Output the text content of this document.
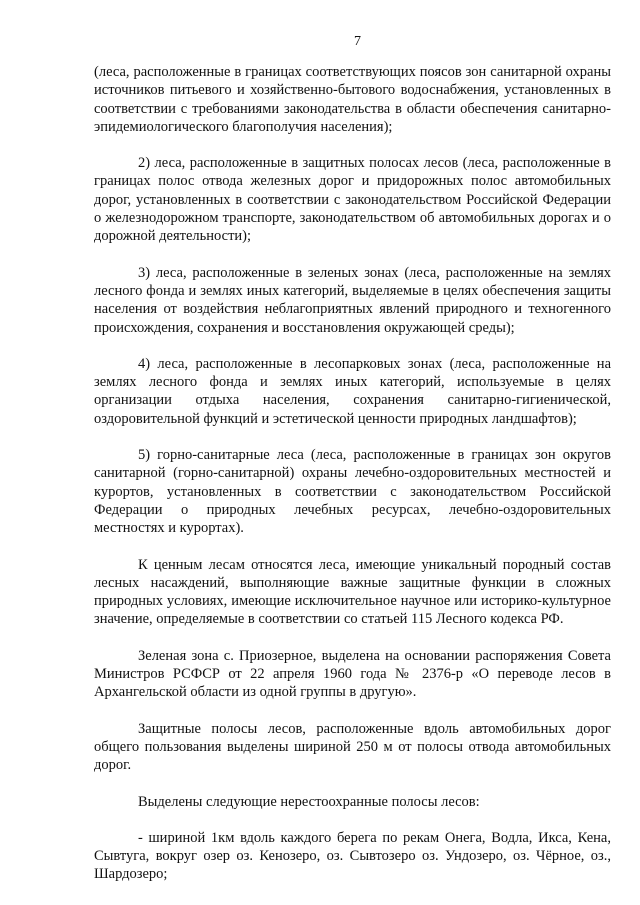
7

(леса, расположенные в границах соответствующих поясов зон санитарной охраны источников питьевого и хозяйственно-бытового водоснабжения, установленных в соответствии с требованиями законодательства в области обеспечения санитарно-эпидемиологического благополучия населения);

2) леса, расположенные в защитных полосах лесов (леса, расположенные в границах полос отвода железных дорог и придорожных полос автомобильных дорог, установленных в соответствии с законодательством Российской Федерации о железнодорожном транспорте, законодательством об автомобильных дорогах и о дорожной деятельности);

3) леса, расположенные в зеленых зонах (леса, расположенные на землях лесного фонда и землях иных категорий, выделяемые в целях обеспечения защиты населения от воздействия неблагоприятных явлений природного и техногенного происхождения, сохранения и восстановления окружающей среды);

4) леса, расположенные в лесопарковых зонах (леса, расположенные на землях лесного фонда и землях иных категорий, используемые в целях организации отдыха населения, сохранения санитарно-гигиенической, оздоровительной функций и эстетической ценности природных ландшафтов);

5) горно-санитарные леса (леса, расположенные в границах зон округов санитарной (горно-санитарной) охраны лечебно-оздоровительных местностей и курортов, установленных в соответствии с законодательством Российской Федерации о природных лечебных ресурсах, лечебно-оздоровительных местностях и курортах).

К ценным лесам относятся леса, имеющие уникальный породный состав лесных насаждений, выполняющие важные защитные функции в сложных природных условиях, имеющие исключительное научное или историко-культурное значение, определяемые в соответствии со статьей 115 Лесного кодекса РФ.

Зеленая зона с. Приозерное, выделена на основании распоряжения Совета Министров РСФСР от 22 апреля 1960 года № 2376-р «О переводе лесов в Архангельской области из одной группы в другую».

Защитные полосы лесов, расположенные вдоль автомобильных дорог общего пользования выделены шириной 250 м от полосы отвода автомобильных дорог.

Выделены следующие нерестоохранные полосы лесов:

- шириной 1км вдоль каждого берега по рекам Онега, Водла, Икса, Кена, Сывтуга, вокруг озер оз. Кенозеро, оз. Сывтозеро оз. Ундозеро, оз. Чёрное, оз., Шардозеро;
